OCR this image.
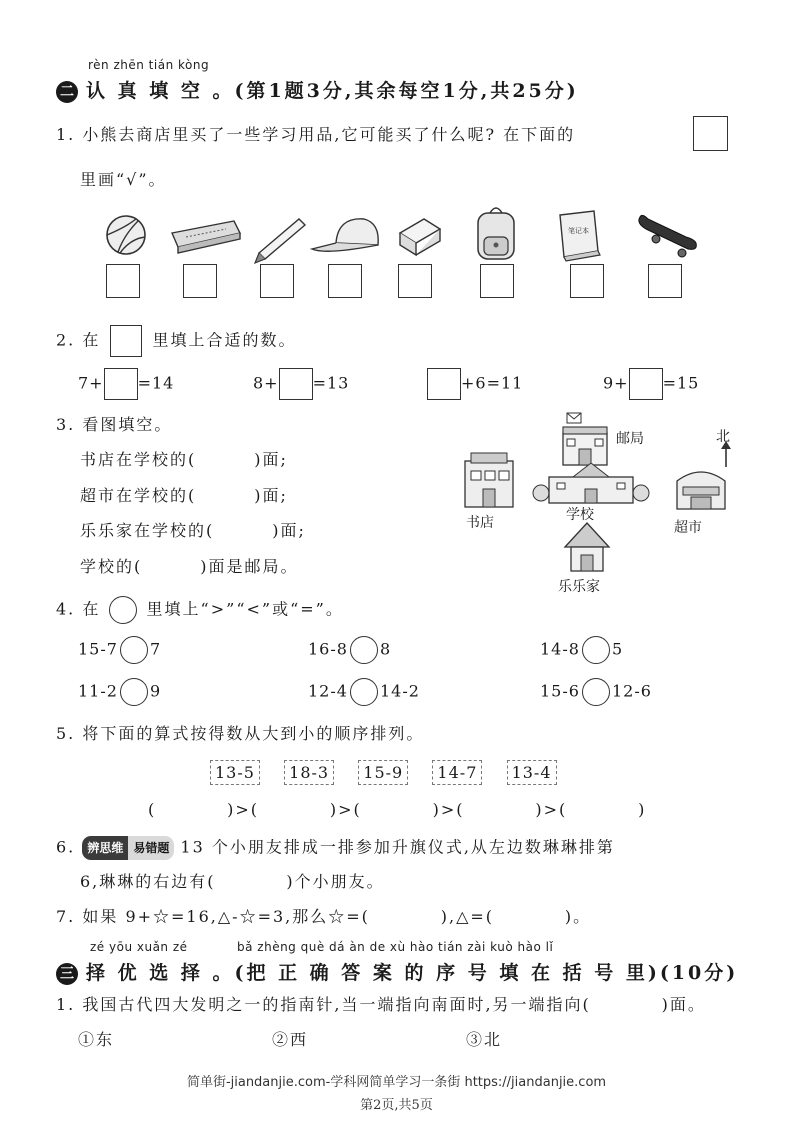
rèn zhēn tián kòng
二 认 真 填 空 。(第1题3分,其余每空1分,共25分)
1. 小熊去商店里买了一些学习用品,它可能买了什么呢? 在下面的
里画“√”。
笔记本
2. 在	里填上合适的数。
7+ =14	8+ =13	+6=11	9+ =15
3. 看图填空。
书店在学校的(	)面;
超市在学校的(	)面;
乐乐家在学校的(	)面;
学校的(	)面是邮局。
邮局	北
书店	学校
超市
乐乐家
4. 在	里填上“>”“<”或“=”。
15-7 7	16-8 8	14-8 5
11-2 9	12-4 14-2	15-6 12-6
5. 将下面的算式按得数从大到小的顺序排列。
13-5 18-3 15-9 14-7 13-4
(          )>(          )>(          )>(          )>(          )
6. 辨思维 易错题 13 个小朋友排成一排参加升旗仪式,从左边数琳琳排第
6,琳琳的右边有(          )个小朋友。
7. 如果 9+☆=16,△-☆=3,那么☆=(          ),△=(          )。
zé yōu xuǎn zé	bǎ zhèng què dá àn de xù hào tián zài kuò hào lǐ
三 择 优 选 择 。(把 正 确 答 案 的 序 号 填 在 括 号 里)(10分)
1. 我国古代四大发明之一的指南针,当一端指向南面时,另一端指向(          )面。
①东	②西	③北
简单街-jiandanjie.com-学科网简单学习一条街 https://jiandanjie.com
第2页,共5页
